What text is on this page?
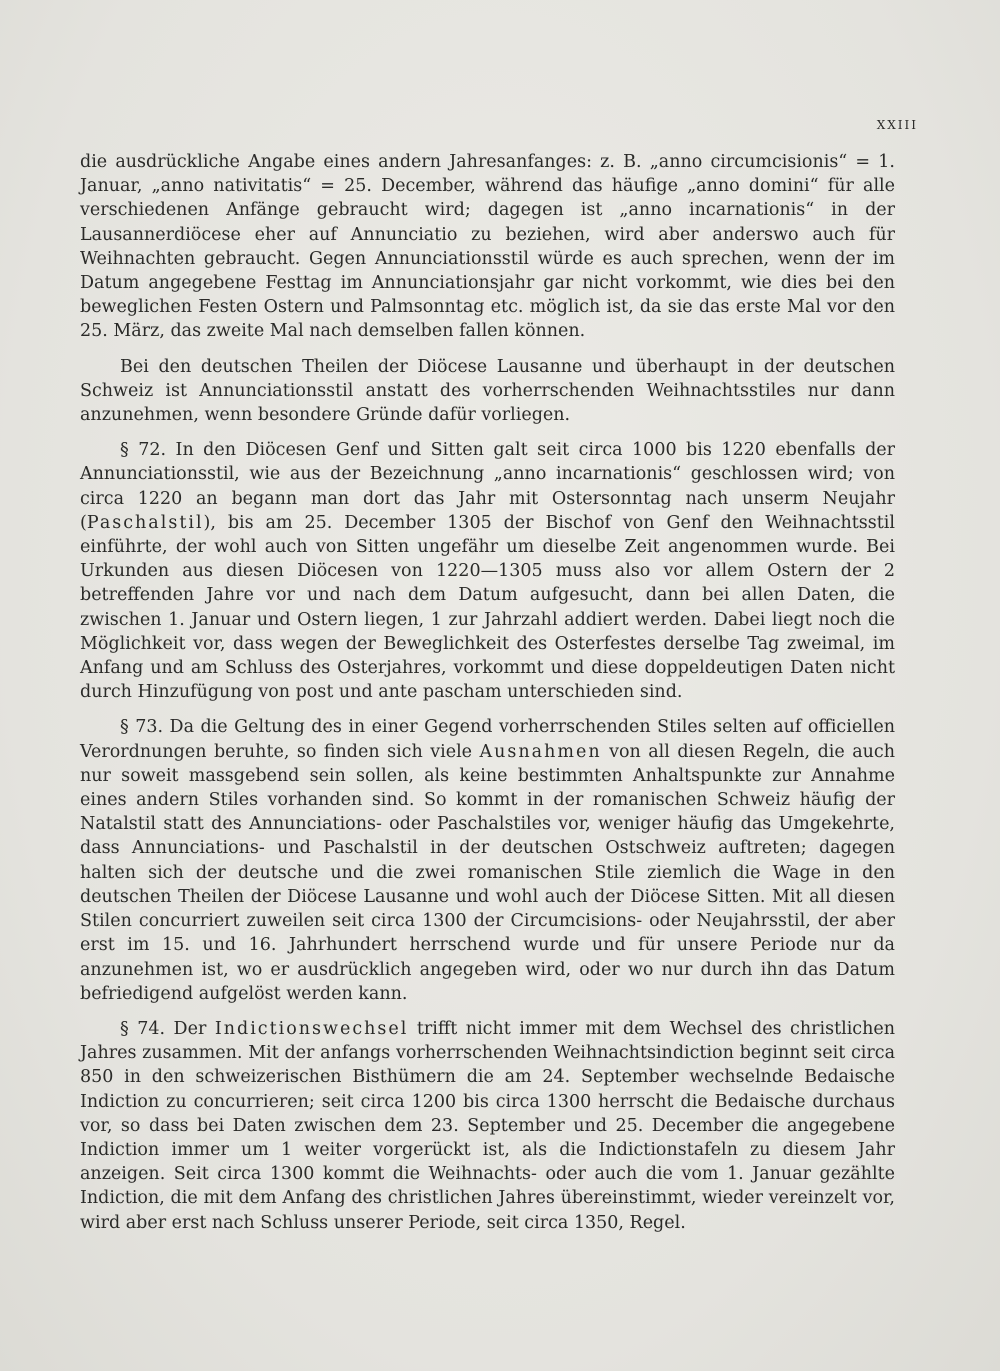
XXIII

die ausdrückliche Angabe eines andern Jahresanfanges: z. B. „anno circumcisionis“ = 1. Januar, „anno nativitatis“ = 25. December, während das häufige „anno domini“ für alle verschiedenen Anfänge gebraucht wird; dagegen ist „anno incarnationis“ in der Lausannerdiöcese eher auf Annunciatio zu beziehen, wird aber anderswo auch für Weihnachten gebraucht. Gegen Annunciationsstil würde es auch sprechen, wenn der im Datum angegebene Festtag im Annunciationsjahr gar nicht vorkommt, wie dies bei den beweglichen Festen Ostern und Palmsonntag etc. möglich ist, da sie das erste Mal vor den 25. März, das zweite Mal nach demselben fallen können.

Bei den deutschen Theilen der Diöcese Lausanne und überhaupt in der deutschen Schweiz ist Annunciationsstil anstatt des vorherrschenden Weihnachtsstiles nur dann anzunehmen, wenn besondere Gründe dafür vorliegen.

§ 72. In den Diöcesen Genf und Sitten galt seit circa 1000 bis 1220 ebenfalls der Annunciationsstil, wie aus der Bezeichnung „anno incarnationis“ geschlossen wird; von circa 1220 an begann man dort das Jahr mit Ostersonntag nach unserm Neujahr (Paschalstil), bis am 25. December 1305 der Bischof von Genf den Weihnachtsstil einführte, der wohl auch von Sitten ungefähr um dieselbe Zeit angenommen wurde. Bei Urkunden aus diesen Diöcesen von 1220—1305 muss also vor allem Ostern der 2 betreffenden Jahre vor und nach dem Datum aufgesucht, dann bei allen Daten, die zwischen 1. Januar und Ostern liegen, 1 zur Jahrzahl addiert werden. Dabei liegt noch die Möglichkeit vor, dass wegen der Beweglichkeit des Osterfestes derselbe Tag zweimal, im Anfang und am Schluss des Osterjahres, vorkommt und diese doppeldeutigen Daten nicht durch Hinzufügung von post und ante pascham unterschieden sind.

§ 73. Da die Geltung des in einer Gegend vorherrschenden Stiles selten auf officiellen Verordnungen beruhte, so finden sich viele Ausnahmen von all diesen Regeln, die auch nur soweit massgebend sein sollen, als keine bestimmten Anhaltspunkte zur Annahme eines andern Stiles vorhanden sind. So kommt in der romanischen Schweiz häufig der Natalstil statt des Annunciations- oder Paschalstiles vor, weniger häufig das Umgekehrte, dass Annunciations- und Paschalstil in der deutschen Ostschweiz auftreten; dagegen halten sich der deutsche und die zwei romanischen Stile ziemlich die Wage in den deutschen Theilen der Diöcese Lausanne und wohl auch der Diöcese Sitten. Mit all diesen Stilen concurriert zuweilen seit circa 1300 der Circumcisions- oder Neujahrsstil, der aber erst im 15. und 16. Jahrhundert herrschend wurde und für unsere Periode nur da anzunehmen ist, wo er ausdrücklich angegeben wird, oder wo nur durch ihn das Datum befriedigend aufgelöst werden kann.

§ 74. Der Indictionswechsel trifft nicht immer mit dem Wechsel des christlichen Jahres zusammen. Mit der anfangs vorherrschenden Weihnachtsindiction beginnt seit circa 850 in den schweizerischen Bisthümern die am 24. September wechselnde Bedaische Indiction zu concurrieren; seit circa 1200 bis circa 1300 herrscht die Bedaische durchaus vor, so dass bei Daten zwischen dem 23. September und 25. December die angegebene Indiction immer um 1 weiter vorgerückt ist, als die Indictionstafeln zu diesem Jahr anzeigen. Seit circa 1300 kommt die Weihnachts- oder auch die vom 1. Januar gezählte Indiction, die mit dem Anfang des christlichen Jahres übereinstimmt, wieder vereinzelt vor, wird aber erst nach Schluss unserer Periode, seit circa 1350, Regel.
